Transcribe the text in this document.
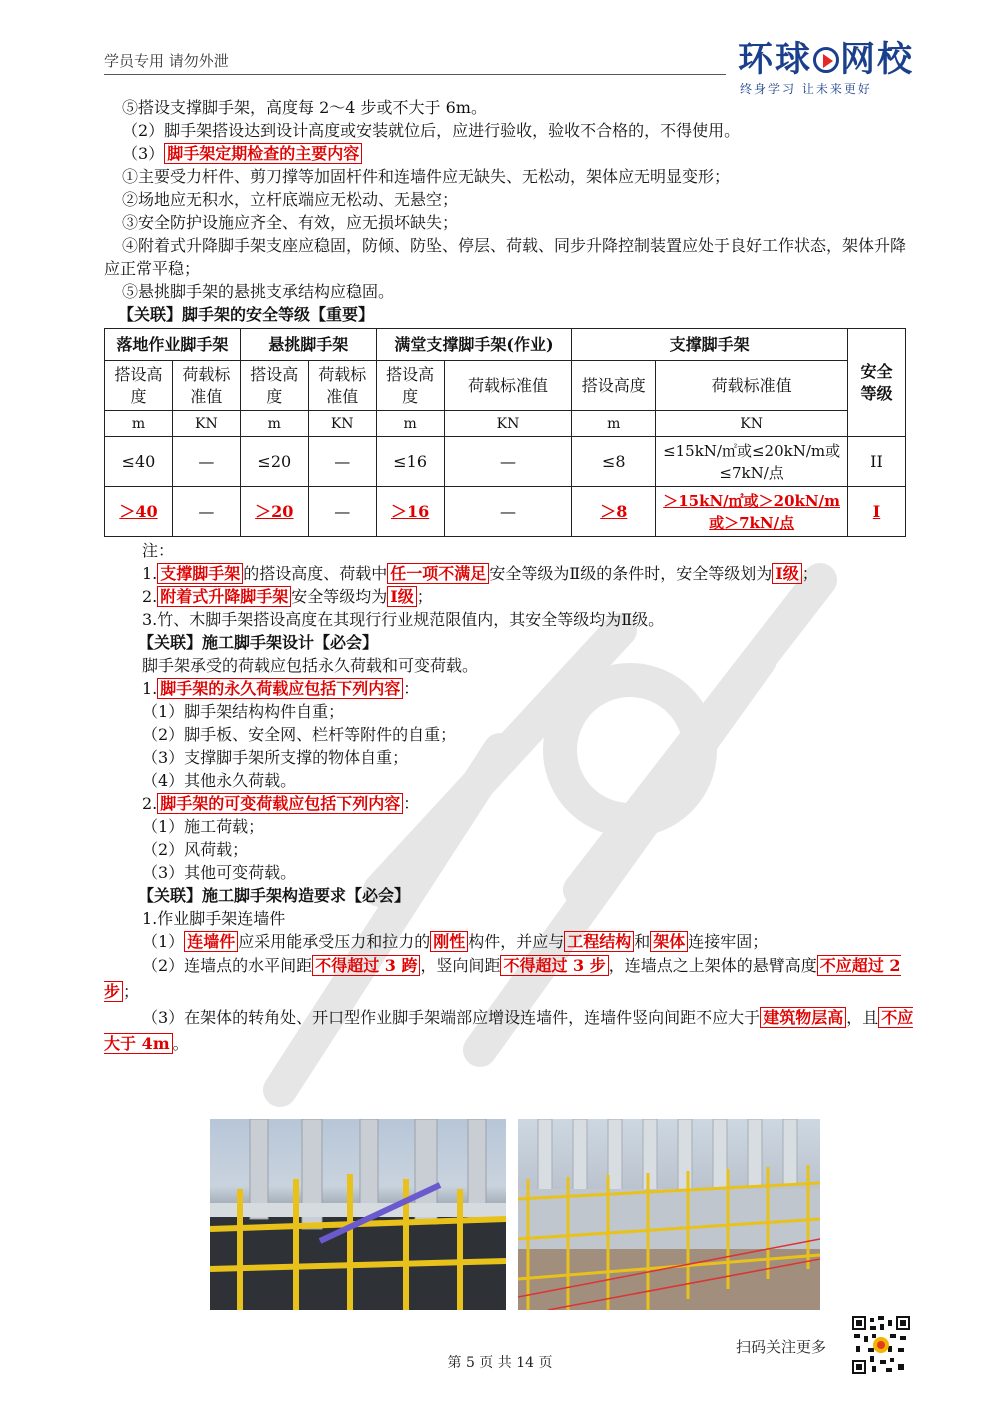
学员专用 请勿外泄	环球 网校
终身学习 让未来更好
⑤搭设支撑脚手架，高度每 2～4 步或不大于 6m。
（2）脚手架搭设达到设计高度或安装就位后，应进行验收，验收不合格的，不得使用。
（3） 脚手架定期检查的主要内容
①主要受力杆件、剪刀撑等加固杆件和连墙件应无缺失、无松动，架体应无明显变形；
②场地应无积水，立杆底端应无松动、无悬空；
③安全防护设施应齐全、有效，应无损坏缺失；
④附着式升降脚手架支座应稳固，防倾、防坠、停层、荷载、同步升降控制装置应处于良好工作状态，架体升降应正常平稳；
⑤悬挑脚手架的悬挑支承结构应稳固。
【关联】脚手架的安全等级【重要】
落地作业脚手架		悬挑脚手架		满堂支撑脚手架(作业)		支撑脚手架		安全等级
搭设高度	荷载标准值	搭设高度	荷载标准值	搭设高度	荷载标准值	搭设高度	荷载标准值	
m	KN	m	KN	m	KN	m	KN	
≤40	—	≤20	—	≤16	—	≤8	≤15kN/㎡或≤20kN/m或≤7kN/点	II
＞40	—	＞20	—	＞16	—	＞8	＞15kN/㎡或＞20kN/m或＞7kN/点	I
注：
1. 支撑脚手架 的搭设高度、荷载中 任一项不满足 安全等级为Ⅱ级的条件时，安全等级划为 Ⅰ级 ；
2. 附着式升降脚手架 安全等级均为 Ⅰ级 ；
3.竹、木脚手架搭设高度在其现行行业规范限值内，其安全等级均为Ⅱ级。
【关联】施工脚手架设计【必会】
脚手架承受的荷载应包括永久荷载和可变荷载。
1. 脚手架的永久荷载应包括下列内容 ：
（1）脚手架结构构件自重；
（2）脚手板、安全网、栏杆等附件的自重；
（3）支撑脚手架所支撑的物体自重；
（4）其他永久荷载。
2. 脚手架的可变荷载应包括下列内容 ：
（1）施工荷载；
（2）风荷载；
（3）其他可变荷载。
【关联】施工脚手架构造要求【必会】
1.作业脚手架连墙件
（1） 连墙件 应采用能承受压力和拉力的 刚性 构件，并应与 工程结构 和 架体 连接牢固；
（2）连墙点的水平间距 不得超过 3 跨 ，竖向间距 不得超过 3 步 ，连墙点之上架体的悬臂高度 不应超过 2 步 ；
（3）在架体的转角处、开口型作业脚手架端部应增设连墙件，连墙件竖向间距不应大于 建筑物层高 ，且 不应大于 4m 。
扫码关注更多
第 5 页 共 14 页
